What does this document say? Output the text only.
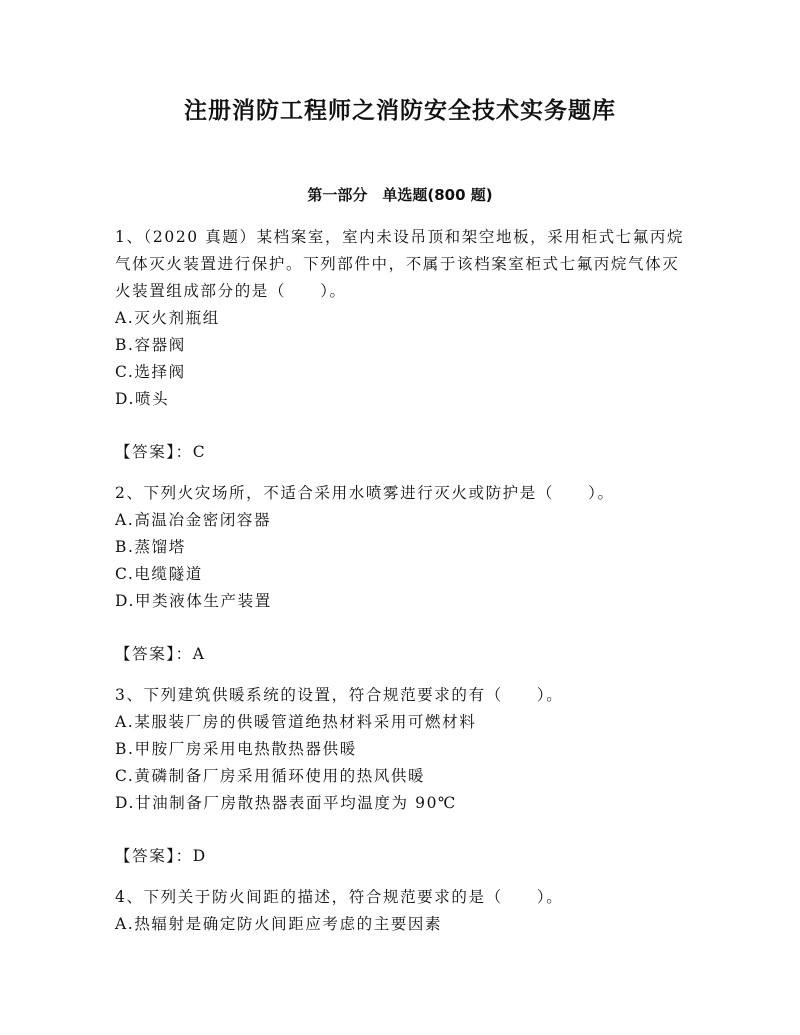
注册消防工程师之消防安全技术实务题库
第一部分　单选题(800 题)

1、（2020 真题）某档案室，室内未设吊顶和架空地板，采用柜式七氟丙烷气体灭火装置进行保护。下列部件中，不属于该档案室柜式七氟丙烷气体灭火装置组成部分的是（　　）。

A.灭火剂瓶组

B.容器阀

C.选择阀

D.喷头

【答案】：C

2、下列火灾场所，不适合采用水喷雾进行灭火或防护是（　　）。

A.高温冶金密闭容器

B.蒸馏塔

C.电缆隧道

D.甲类液体生产装置

【答案】：A

3、下列建筑供暖系统的设置，符合规范要求的有（　　）。

A.某服装厂房的供暖管道绝热材料采用可燃材料

B.甲胺厂房采用电热散热器供暖

C.黄磷制备厂房采用循环使用的热风供暖

D.甘油制备厂房散热器表面平均温度为 90℃

【答案】：D

4、下列关于防火间距的描述，符合规范要求的是（　　）。

A.热辐射是确定防火间距应考虑的主要因素
